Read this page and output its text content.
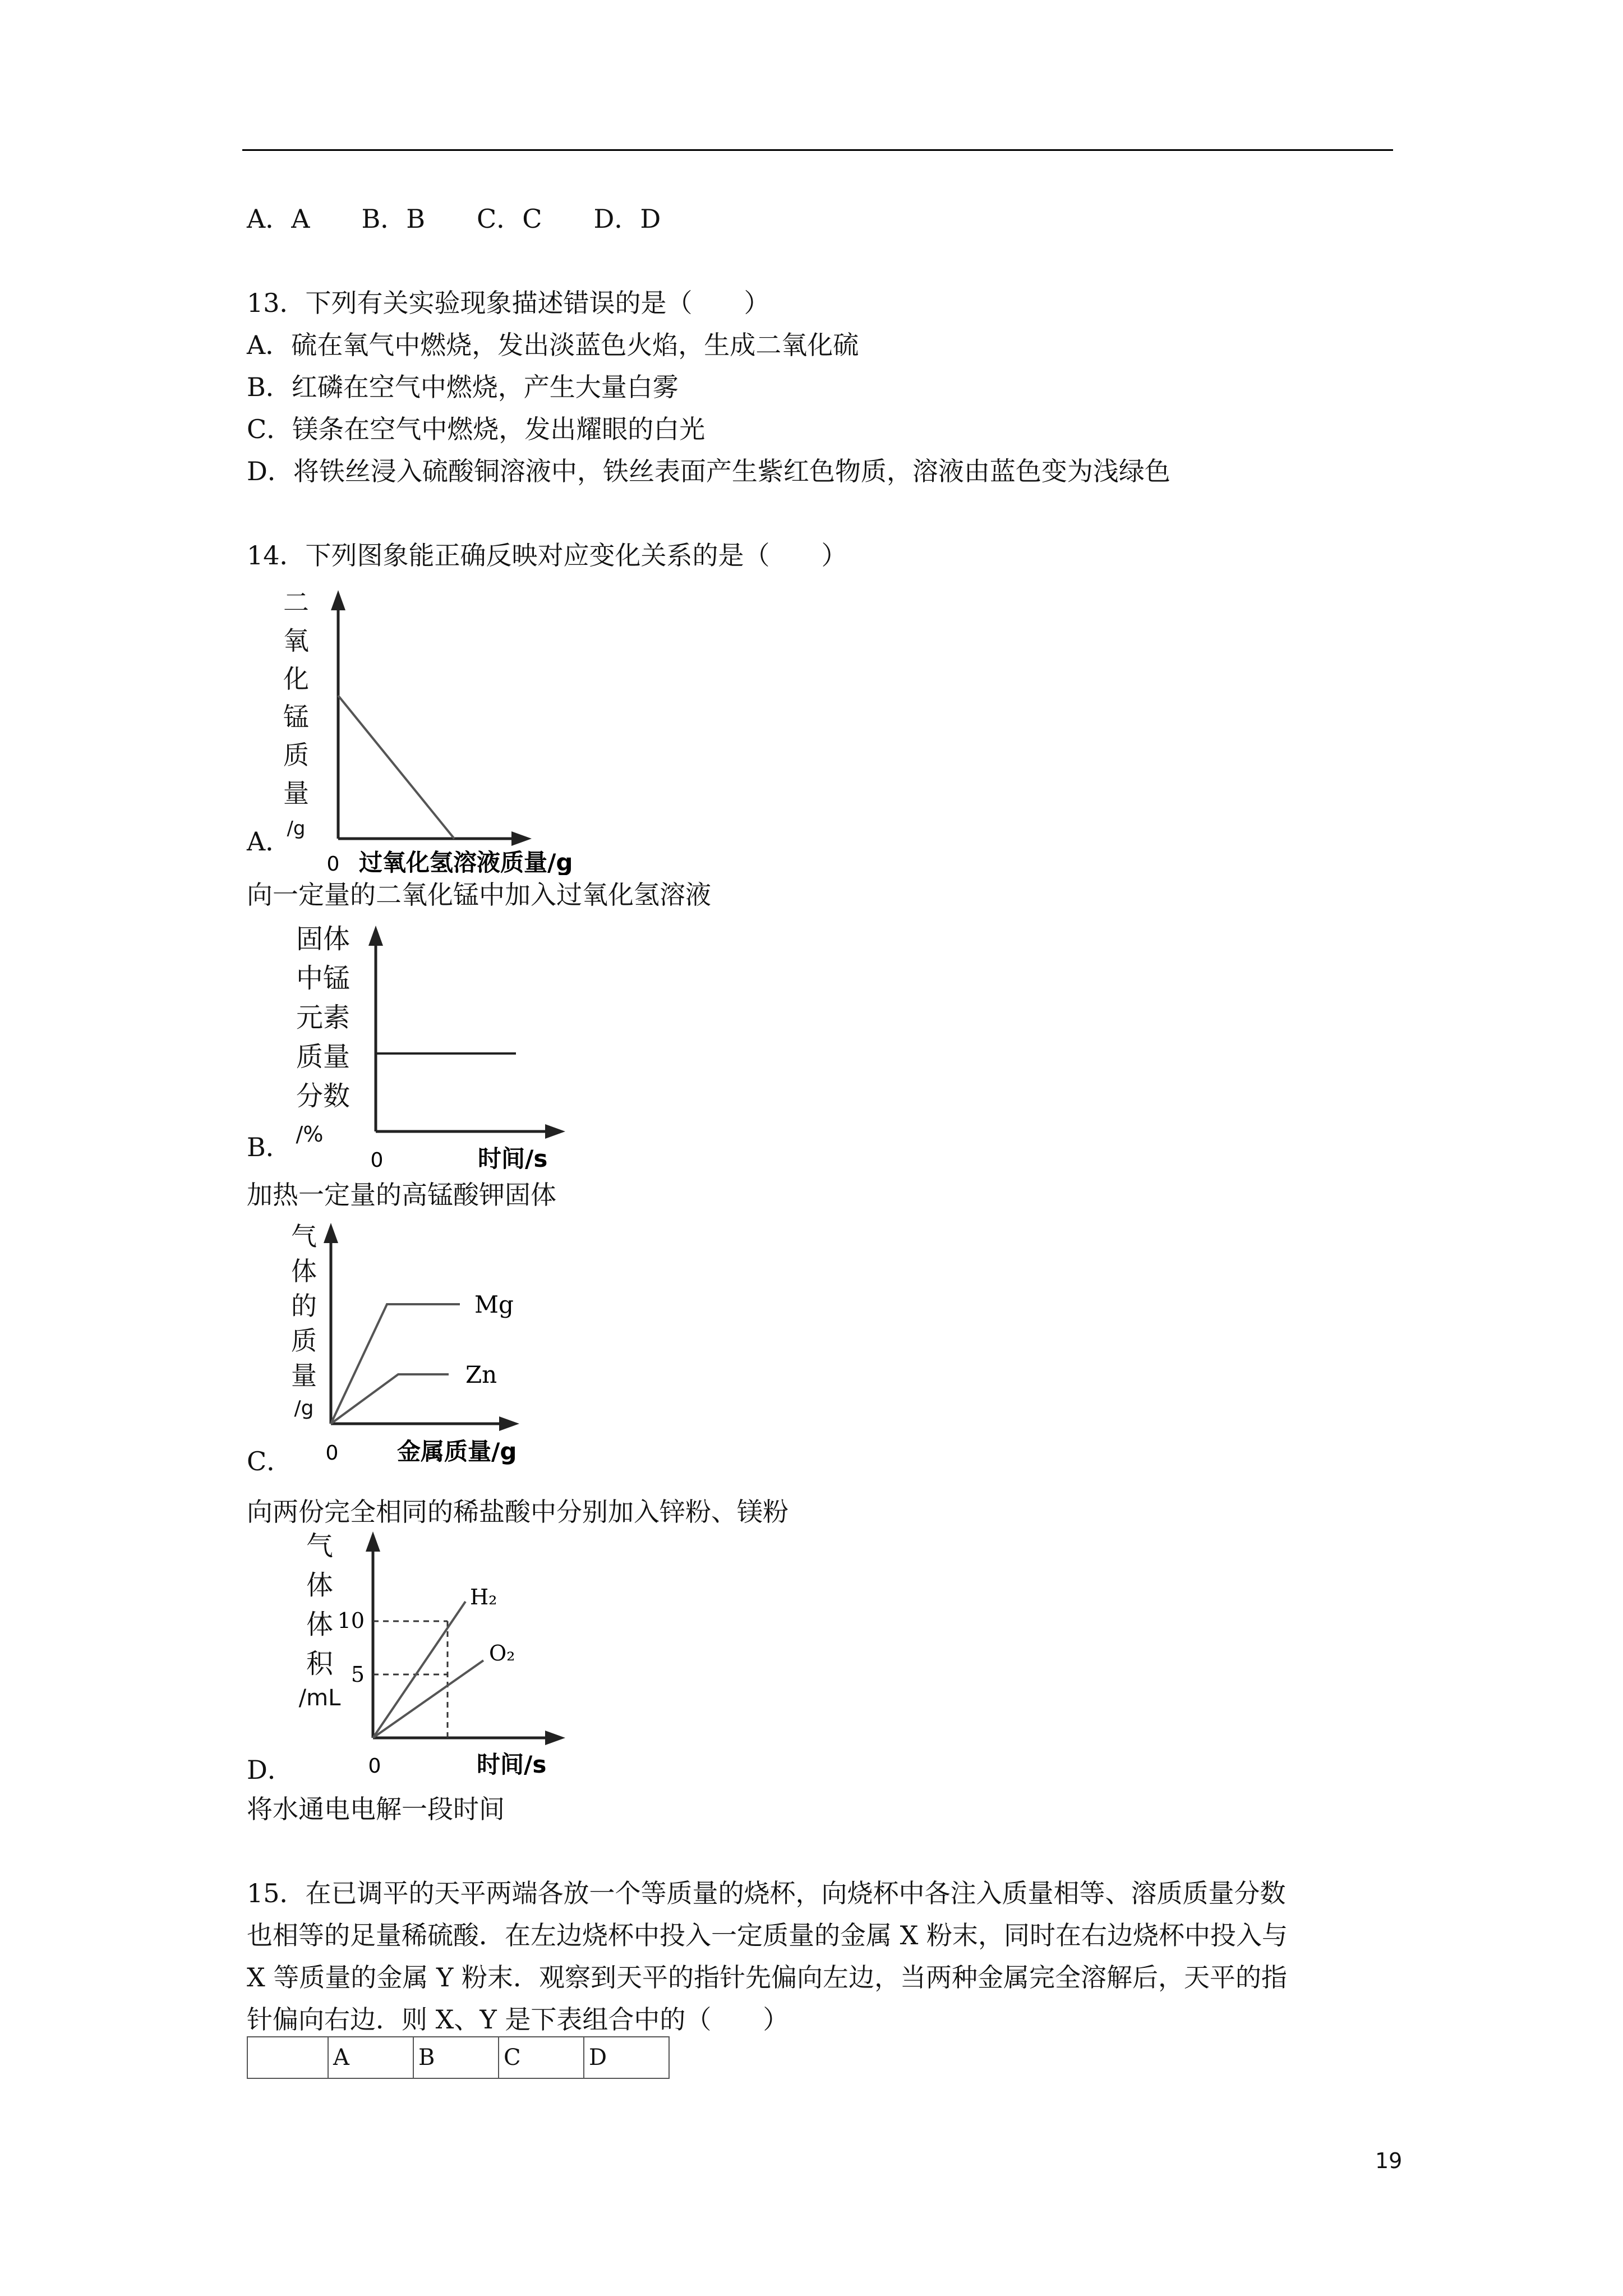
A．A　　B．B　　C．C　　D．D
13．下列有关实验现象描述错误的是（　　）
A．硫在氧气中燃烧，发出淡蓝色火焰，生成二氧化硫
B．红磷在空气中燃烧，产生大量白雾
C．镁条在空气中燃烧，发出耀眼的白光
D．将铁丝浸入硫酸铜溶液中，铁丝表面产生紫红色物质，溶液由蓝色变为浅绿色
14．下列图象能正确反映对应变化关系的是（　　）
二
氧
化
锰
质
量
/g
0 过氧化氢溶液质量/g
A．
向一定量的二氧化锰中加入过氧化氢溶液
固体
中锰
元素
质量
分数
/%
0	时间/s
B．
加热一定量的高锰酸钾固体
气
体
的
质
量
/g
Mg
Zn
0 金属质量/g
C．
向两份完全相同的稀盐酸中分别加入锌粉、镁粉
气
体
体
积
/mL
H₂
O₂
10
5
0	时间/s
D．
将水通电电解一段时间
15．在已调平的天平两端各放一个等质量的烧杯，向烧杯中各注入质量相等、溶质质量分数
也相等的足量稀硫酸．在左边烧杯中投入一定质量的金属 X 粉末，同时在右边烧杯中投入与
X 等质量的金属 Y 粉末．观察到天平的指针先偏向左边，当两种金属完全溶解后，天平的指
针偏向右边．则 X、Y 是下表组合中的（　　）
	A	B	C	D
19
